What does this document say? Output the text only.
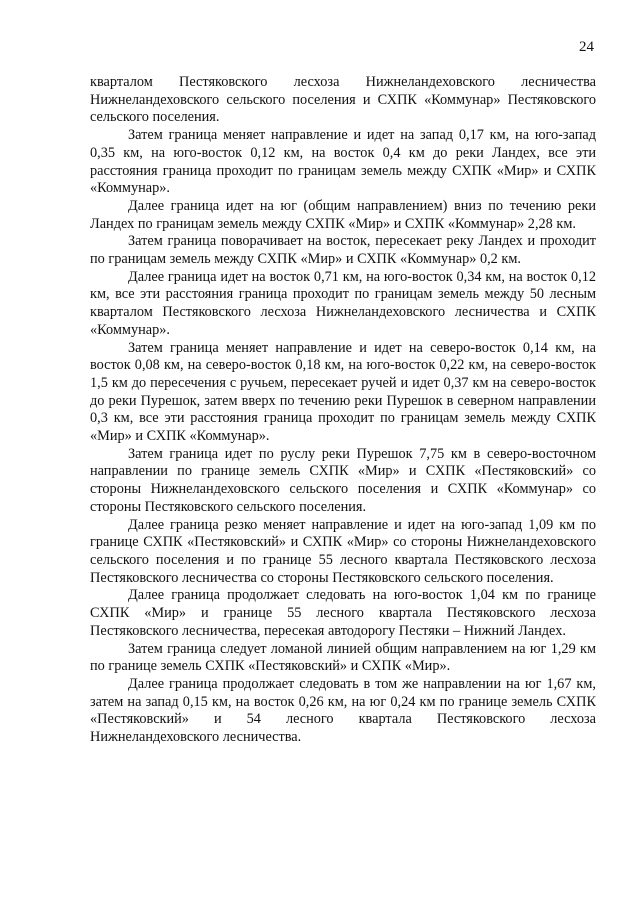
24

кварталом Пестяковского лесхоза Нижнеландеховского лесничества Нижнеландеховского сельского поселения и СХПК «Коммунар» Пестяковского сельского поселения.

Затем граница меняет направление и идет на запад 0,17 км, на юго-запад 0,35 км, на юго-восток 0,12 км, на восток 0,4 км до реки Ландех, все эти расстояния граница проходит по границам земель между СХПК «Мир» и СХПК «Коммунар».

Далее граница идет на юг (общим направлением) вниз по течению реки Ландех по границам земель между СХПК «Мир» и СХПК «Коммунар» 2,28 км.

Затем граница поворачивает на восток, пересекает реку Ландех и проходит по границам земель между СХПК «Мир» и СХПК «Коммунар» 0,2 км.

Далее граница идет на восток 0,71 км, на юго-восток 0,34 км, на восток 0,12 км, все эти расстояния граница проходит по границам земель между 50 лесным кварталом Пестяковского лесхоза Нижнеландеховского лесничества и СХПК «Коммунар».

Затем граница меняет направление и идет на северо-восток 0,14 км, на восток 0,08 км, на северо-восток 0,18 км, на юго-восток 0,22 км, на северо-восток 1,5 км до пересечения с ручьем, пересекает ручей и идет 0,37 км на северо-восток до реки Пурешок, затем вверх по течению реки Пурешок в северном направлении 0,3 км, все эти расстояния граница проходит по границам земель между СХПК «Мир» и СХПК «Коммунар».

Затем граница идет по руслу реки Пурешок 7,75 км в северо-восточном направлении по границе земель СХПК «Мир» и СХПК «Пестяковский» со стороны Нижнеландеховского сельского поселения и СХПК «Коммунар» со стороны Пестяковского сельского поселения.

Далее граница резко меняет направление и идет на юго-запад 1,09 км по границе СХПК «Пестяковский» и СХПК «Мир» со стороны Нижнеландеховского сельского поселения и по границе 55 лесного квартала Пестяковского лесхоза Пестяковского лесничества со стороны Пестяковского сельского поселения.

Далее граница продолжает следовать на юго-восток 1,04 км по границе СХПК «Мир» и границе 55 лесного квартала Пестяковского лесхоза Пестяковского лесничества, пересекая автодорогу Пестяки – Нижний Ландех.

Затем граница следует ломаной линией общим направлением на юг 1,29 км по границе земель СХПК «Пестяковский» и СХПК «Мир».

Далее граница продолжает следовать в том же направлении на юг 1,67 км, затем на запад 0,15 км, на восток 0,26 км, на юг 0,24 км по границе земель СХПК «Пестяковский» и 54 лесного квартала Пестяковского лесхоза Нижнеландеховского лесничества.
